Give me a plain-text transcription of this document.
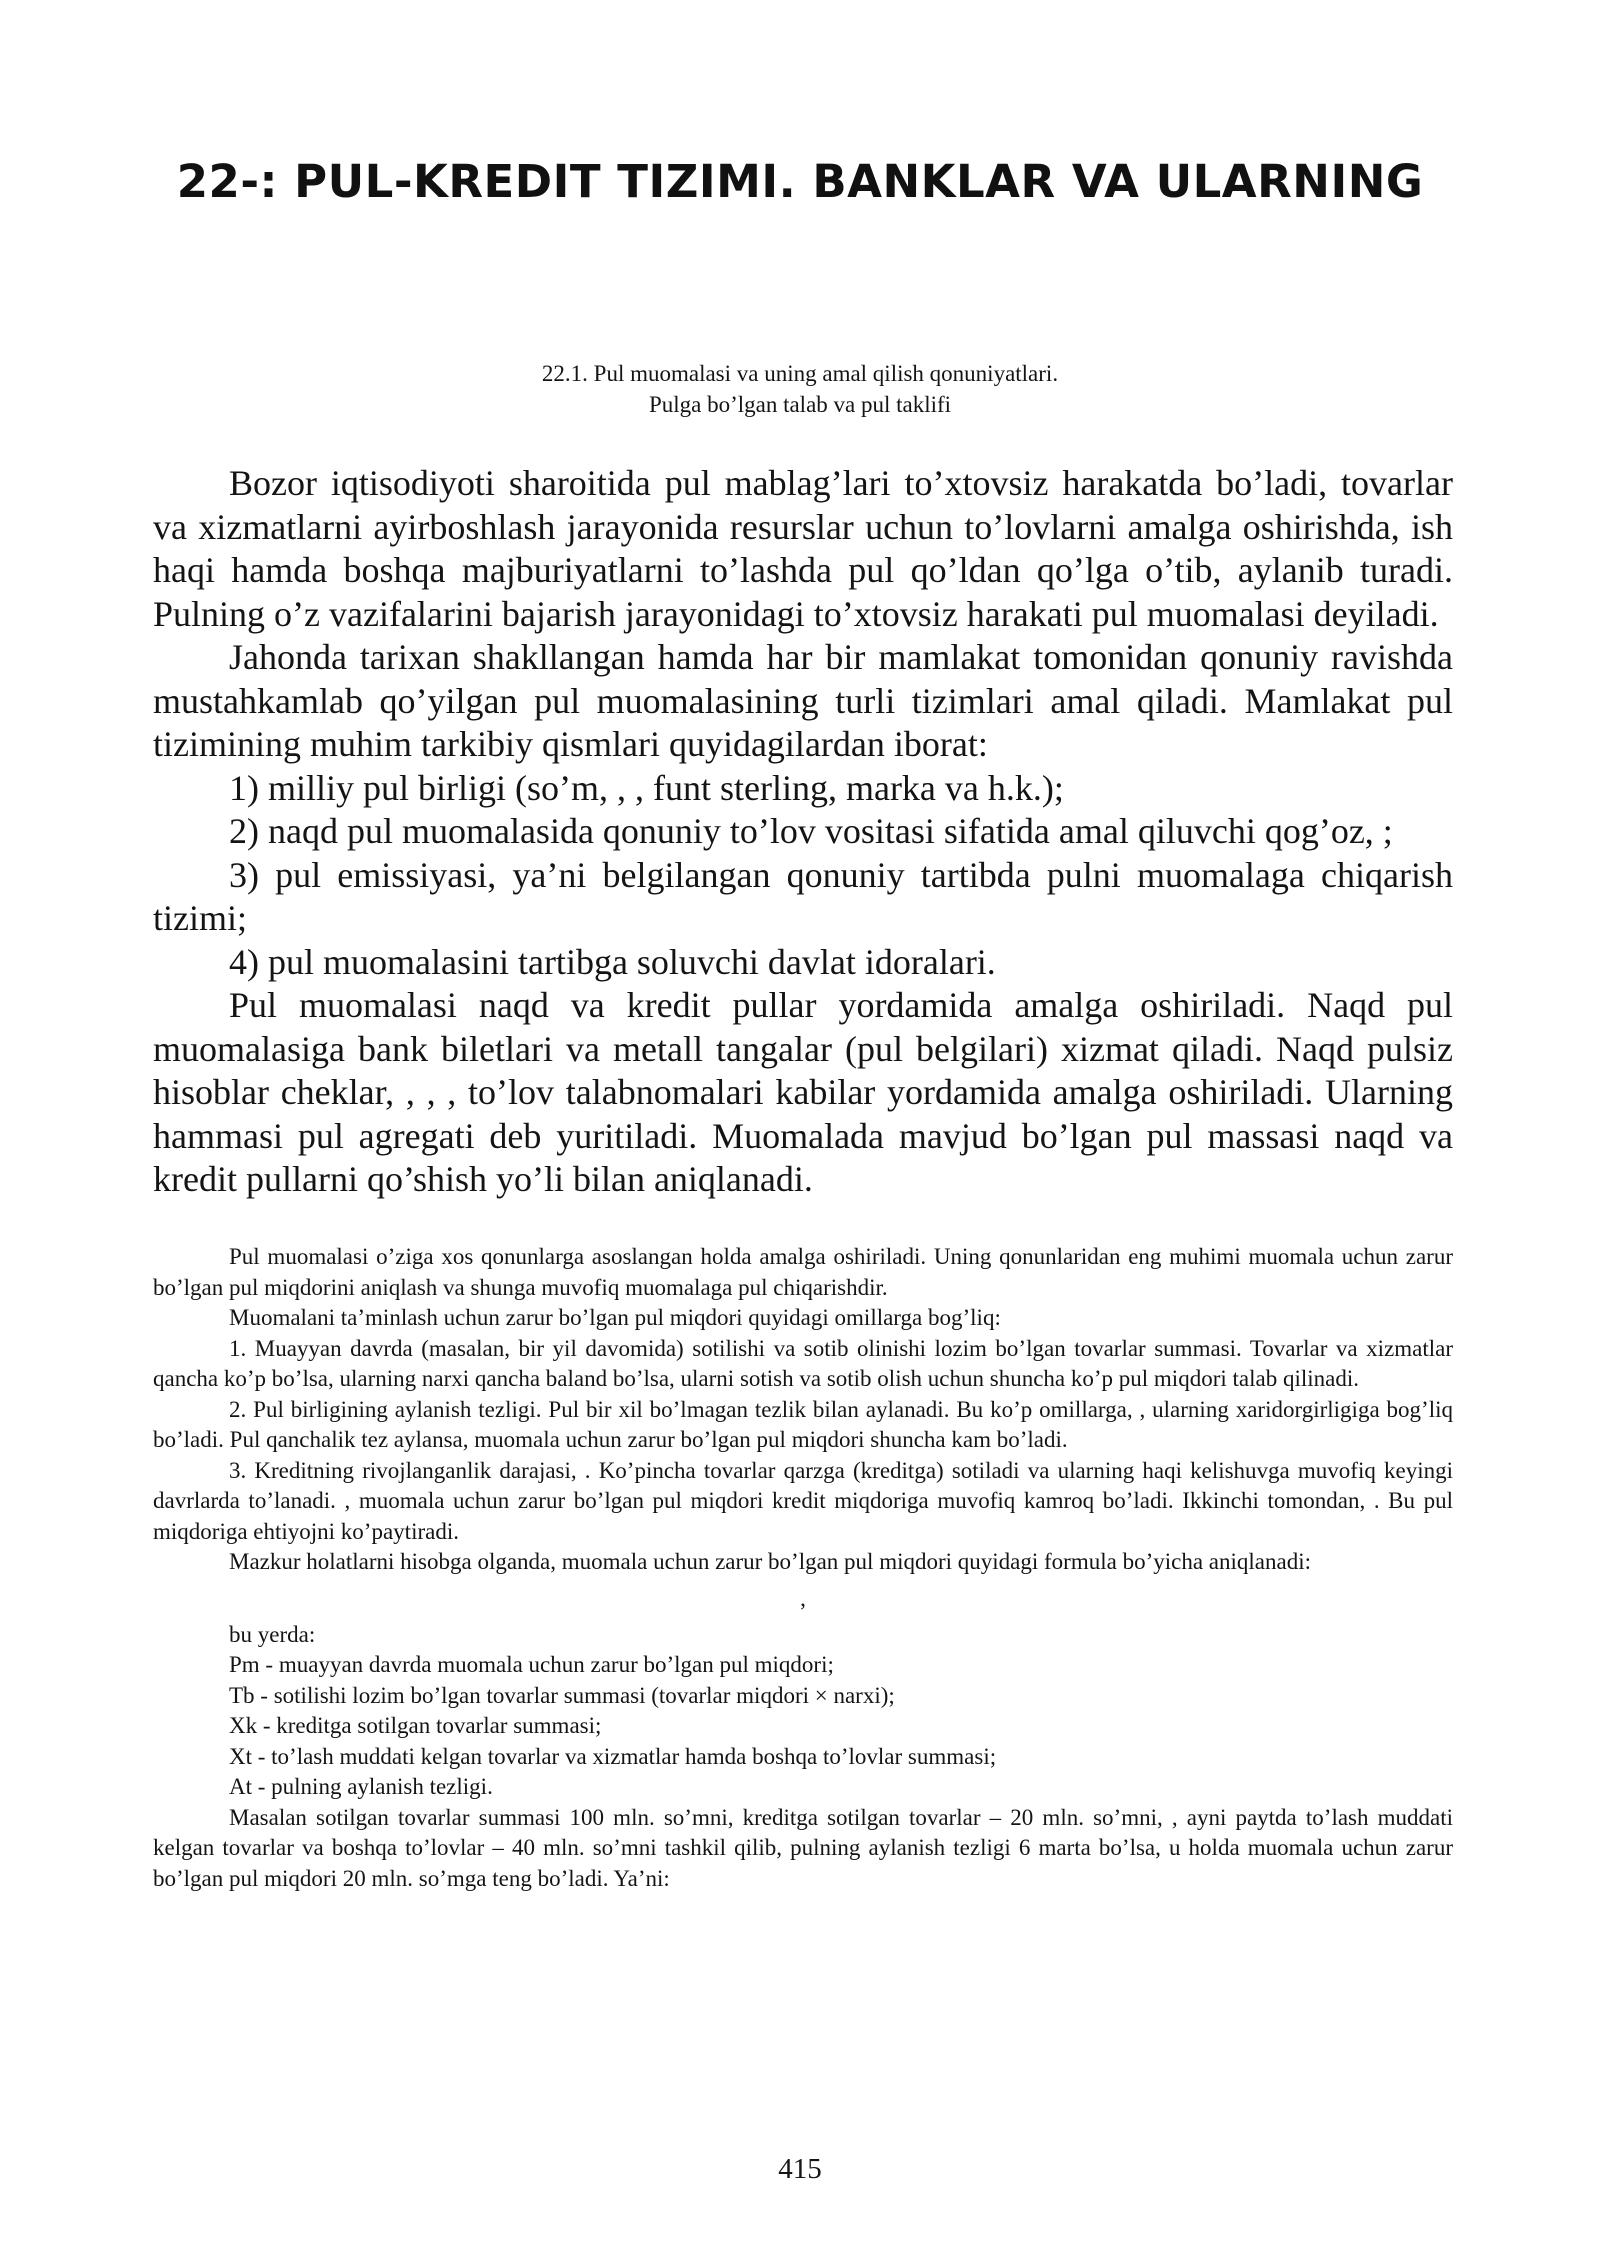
22-: PUL-KREDIT TIZIMI. BANKLAR VA ULARNING
22.1. Pul muomalasi va uning amal qilish qonuniyatlari.
Pulga bo’lgan talab va pul taklifi

Bozor iqtisodiyoti sharoitida pul mablag’lari to’xtovsiz harakatda bo’ladi, tovarlar va xizmatlarni ayirboshlash jarayonida resurslar uchun to’lovlarni amalga oshirishda, ish haqi hamda boshqa majburiyatlarni to’lashda pul qo’ldan qo’lga o’tib, aylanib turadi. Pulning o’z vazifalarini bajarish jarayonidagi to’xtovsiz harakati pul muomalasi deyiladi.

Jahonda tarixan shakllangan hamda har bir mamlakat tomonidan qonuniy ravishda mustahkamlab qo’yilgan pul muomalasining turli tizimlari amal qiladi. Mamlakat pul tizimining muhim tarkibiy qismlari quyidagilardan iborat:

1) milliy pul birligi (so’m, , , funt sterling, marka va h.k.);

2) naqd pul muomalasida qonuniy to’lov vositasi sifatida amal qiluvchi qog’oz, ;

3) pul emissiyasi, ya’ni belgilangan qonuniy tartibda pulni muomalaga chiqarish tizimi;

4) pul muomalasini tartibga soluvchi davlat idoralari.

Pul muomalasi naqd va kredit pullar yordamida amalga oshiriladi. Naqd pul muomalasiga bank biletlari va metall tangalar (pul belgilari) xizmat qiladi. Naqd pulsiz hisoblar cheklar, , , , to’lov talabnomalari kabilar yordamida amalga oshiriladi. Ularning hammasi pul agregati deb yuritiladi. Muomalada mavjud bo’lgan pul massasi naqd va kredit pullarni qo’shish yo’li bilan aniqlanadi.

Pul muomalasi o’ziga xos qonunlarga asoslangan holda amalga oshiriladi. Uning qonunlaridan eng muhimi muomala uchun zarur bo’lgan pul miqdorini aniqlash va shunga muvofiq muomalaga pul chiqarishdir.

Muomalani ta’minlash uchun zarur bo’lgan pul miqdori quyidagi omillarga bog’liq:

1. Muayyan davrda (masalan, bir yil davomida) sotilishi va sotib olinishi lozim bo’lgan tovarlar summasi. Tovarlar va xizmatlar qancha ko’p bo’lsa, ularning narxi qancha baland bo’lsa, ularni sotish va sotib olish uchun shuncha ko’p pul miqdori talab qilinadi.

2. Pul birligining aylanish tezligi. Pul bir xil bo’lmagan tezlik bilan aylanadi. Bu ko’p omillarga, , ularning xaridorgirligiga bog’liq bo’ladi. Pul qanchalik tez aylansa, muomala uchun zarur bo’lgan pul miqdori shuncha kam bo’ladi.

3. Kreditning rivojlanganlik darajasi, . Ko’pincha tovarlar qarzga (kreditga) sotiladi va ularning haqi kelishuvga muvofiq keyingi davrlarda to’lanadi. , muomala uchun zarur bo’lgan pul miqdori kredit miqdoriga muvofiq kamroq bo’ladi. Ikkinchi tomondan, . Bu pul miqdoriga ehtiyojni ko’paytiradi.

Mazkur holatlarni hisobga olganda, muomala uchun zarur bo’lgan pul miqdori quyidagi formula bo’yicha aniqlanadi:

,

bu yerda:

Pm - muayyan davrda muomala uchun zarur bo’lgan pul miqdori;

Tb - sotilishi lozim bo’lgan tovarlar summasi (tovarlar miqdori × narxi);

Xk - kreditga sotilgan tovarlar summasi;

Xt - to’lash muddati kelgan tovarlar va xizmatlar hamda boshqa to’lovlar summasi;

At - pulning aylanish tezligi.

Masalan sotilgan tovarlar summasi 100 mln. so’mni, kreditga sotilgan tovarlar – 20 mln. so’mni, , ayni paytda to’lash muddati kelgan tovarlar va boshqa to’lovlar – 40 mln. so’mni tashkil qilib, pulning aylanish tezligi 6 marta bo’lsa, u holda muomala uchun zarur bo’lgan pul miqdori 20 mln. so’mga teng bo’ladi. Ya’ni:

415
